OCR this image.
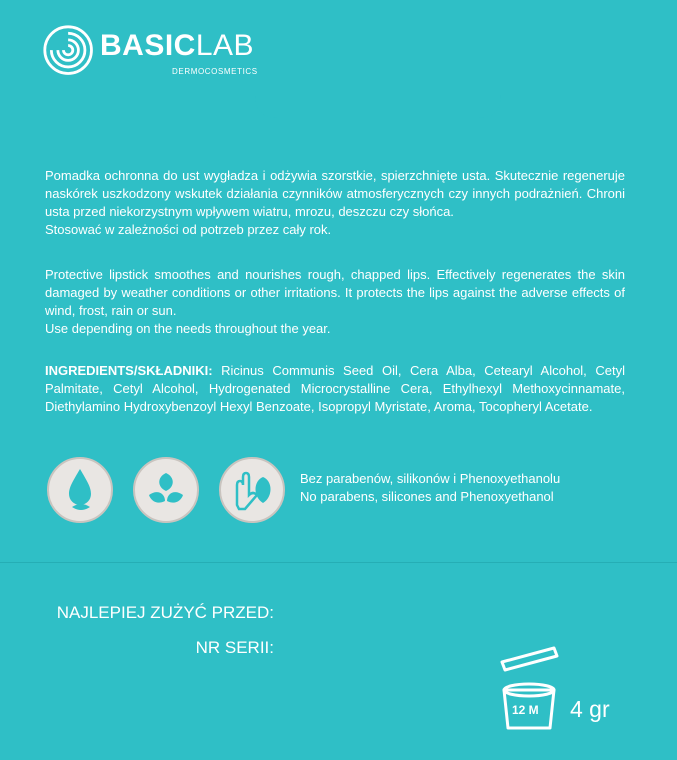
BASICLAB
DERMOCOSMETICS
Pomadka ochronna do ust wygładza i odżywia szorstkie, spierzchnięte usta. Skutecznie regeneruje naskórek uszkodzony wskutek działania czynników atmosferycznych czy innych podrażnień. Chroni usta przed niekorzystnym wpływem wiatru, mrozu, deszczu czy słońca.
Stosować w zależności od potrzeb przez cały rok.
Protective lipstick smoothes and nourishes rough, chapped lips. Effectively regenerates the skin damaged by weather conditions or other irritations. It protects the lips against the adverse effects of wind, frost, rain or sun.
Use depending on the needs throughout the year.
INGREDIENTS/SKŁADNIKI: Ricinus Communis Seed Oil, Cera Alba, Cetearyl Alcohol, Cetyl Palmitate, Cetyl Alcohol, Hydrogenated Microcrystalline Cera, Ethylhexyl Methoxycinnamate, Diethylamino Hydroxybenzoyl Hexyl Benzoate, Isopropyl Myristate, Aroma, Tocopheryl Acetate.
Bez parabenów, silikonów i Phenoxyethanolu
No parabens, silicones and Phenoxyethanol
NAJLEPIEJ ZUŻYĆ PRZED:
NR SERII:
12 M 4 gr
